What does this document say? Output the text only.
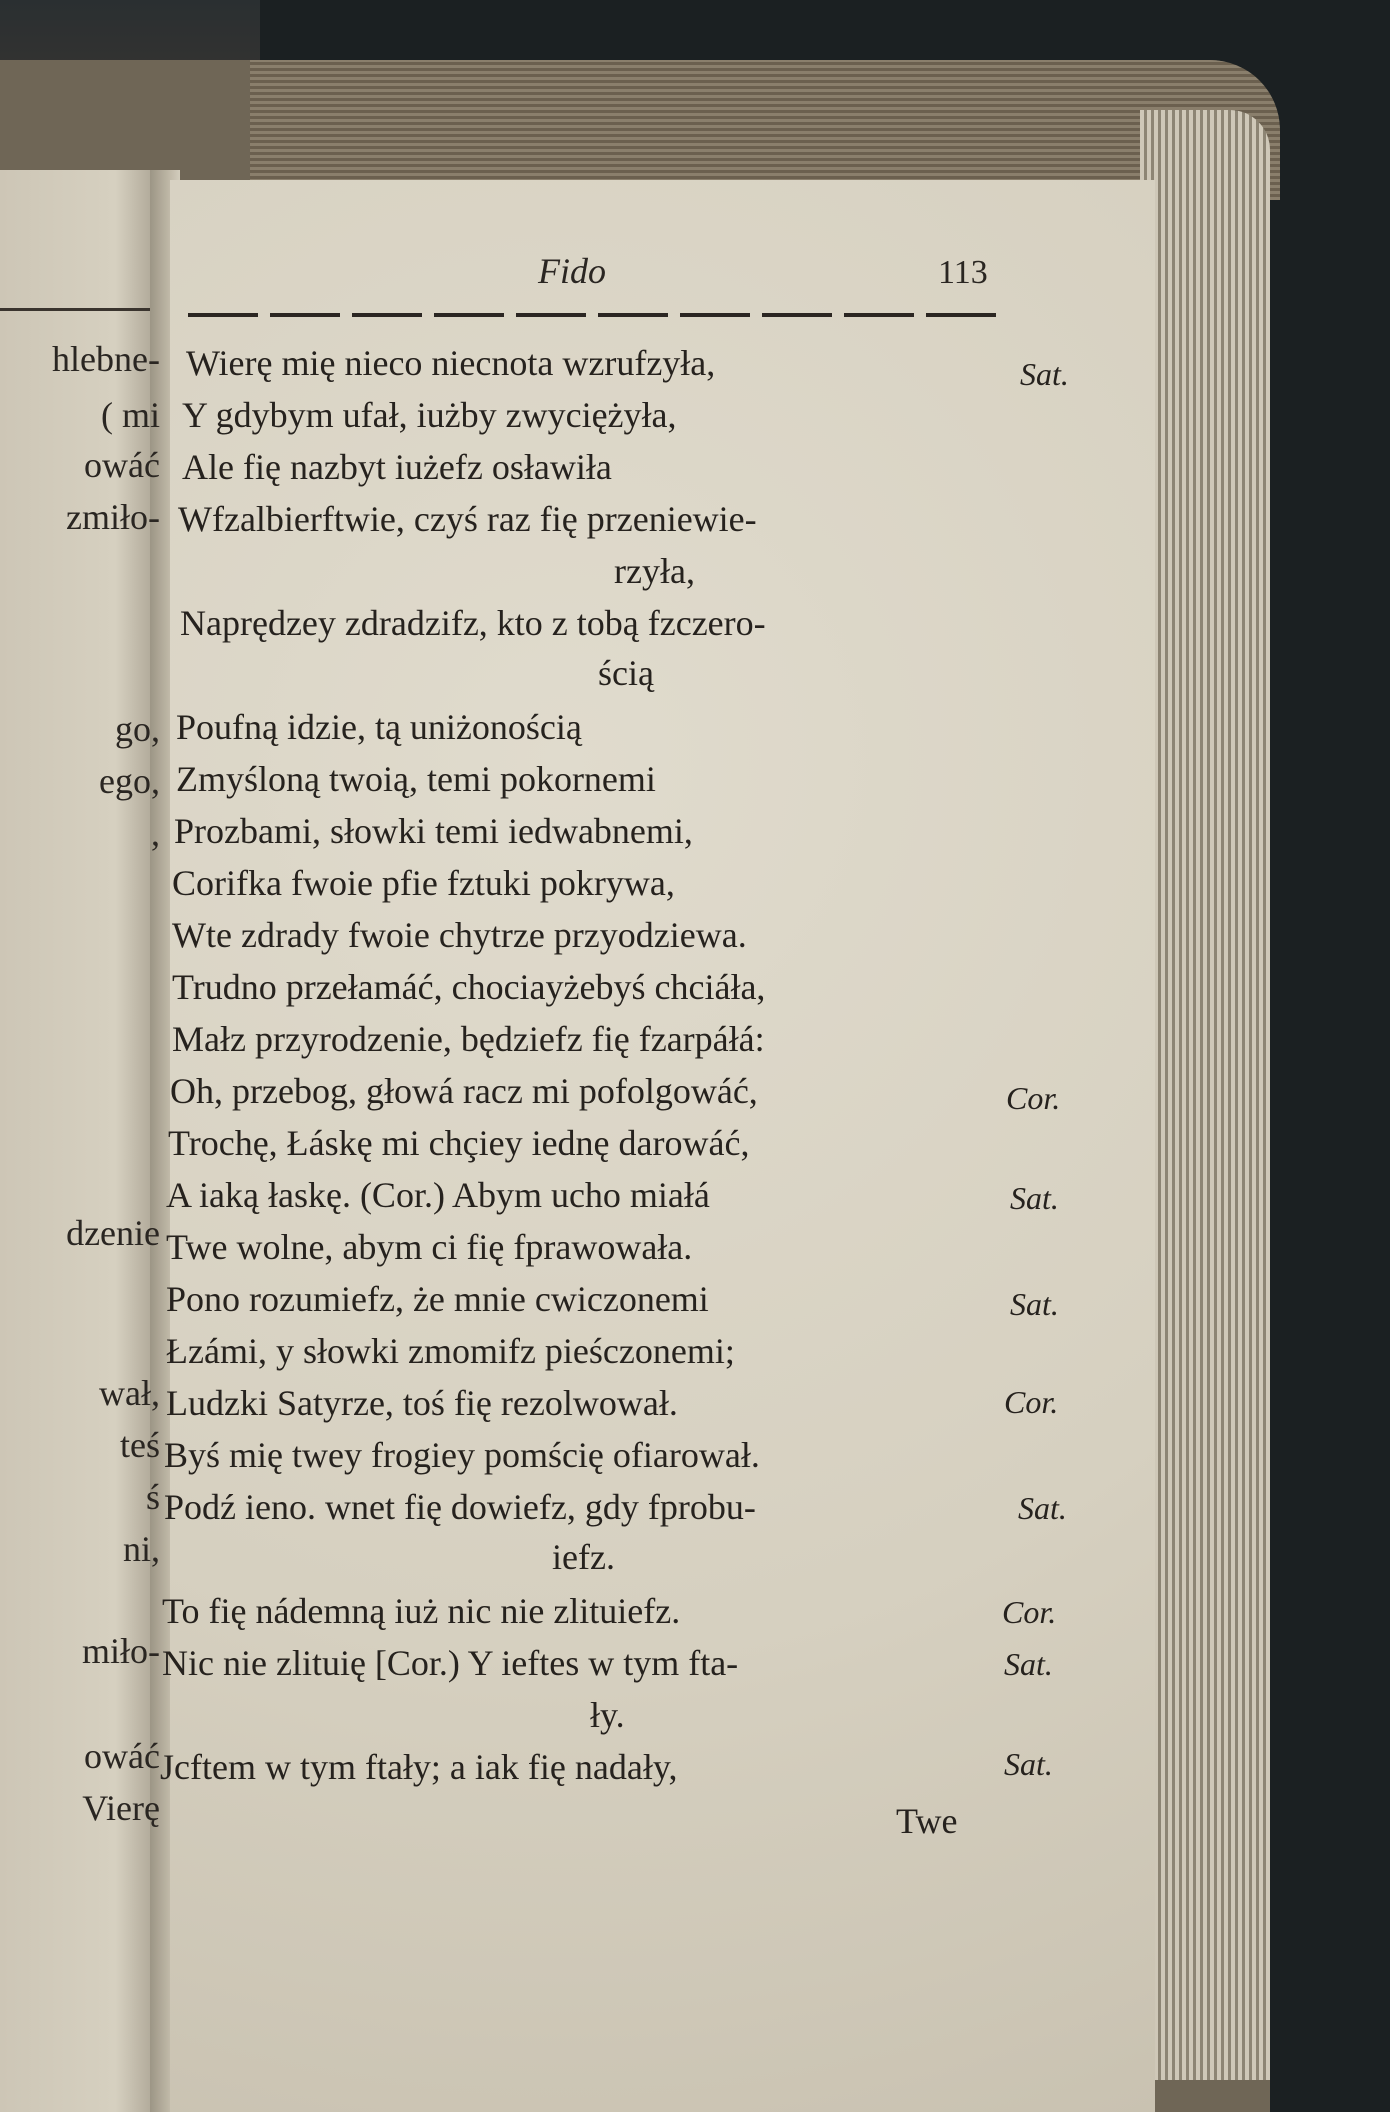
hlebne-
( mi
owáć
zmiło-
go,
ego,
,
dzenie
wał,
teś
ś
ni,
miło-
owáć
Vierę
Fido	113
Wierę mię nieco niecnota wzrufzyła,
Y gdybym ufał, iużby zwyciężyła,
Ale fię nazbyt iużefz osławiła
Wfzalbierftwie, czyś raz fię przeniewie-
rzyła,
Naprędzey zdradzifz, kto z tobą fzczero-
ścią
Poufną idzie, tą uniżonością
Zmyśloną twoią, temi pokornemi
Prozbami, słowki temi iedwabnemi,
Corifka fwoie pfie fztuki pokrywa,
Wte zdrady fwoie chytrze przyodziewa.
Trudno przełamáć, chociayżebyś chciáła,
Małz przyrodzenie, będziefz fię fzarpáłá:
Oh, przebog, głowá racz mi pofolgowáć,
Trochę, Łáskę mi chçiey iednę darowáć,
A iaką łaskę. (Cor.) Abym ucho miałá
Twe wolne, abym ci fię fprawowała.
Pono rozumiefz, że mnie cwiczonemi
Łzámi, y słowki zmomifz pieśczonemi;
Ludzki Satyrze, toś fię rezolwował.
Byś mię twey frogiey pomścię ofiarował.
Podź ieno. wnet fię dowiefz, gdy fprobu-
iefz.
To fię nádemną iuż nic nie zlituiefz.
Nic nie zlituię [Cor.) Y ieftes w tym fta-
ły.
Jcftem w tym ftały; a iak fię nadały,
Twe
Sat.
Cor.
Sat.
Sat.
Cor.
Sat.
Cor.
Sat.
Sat.
